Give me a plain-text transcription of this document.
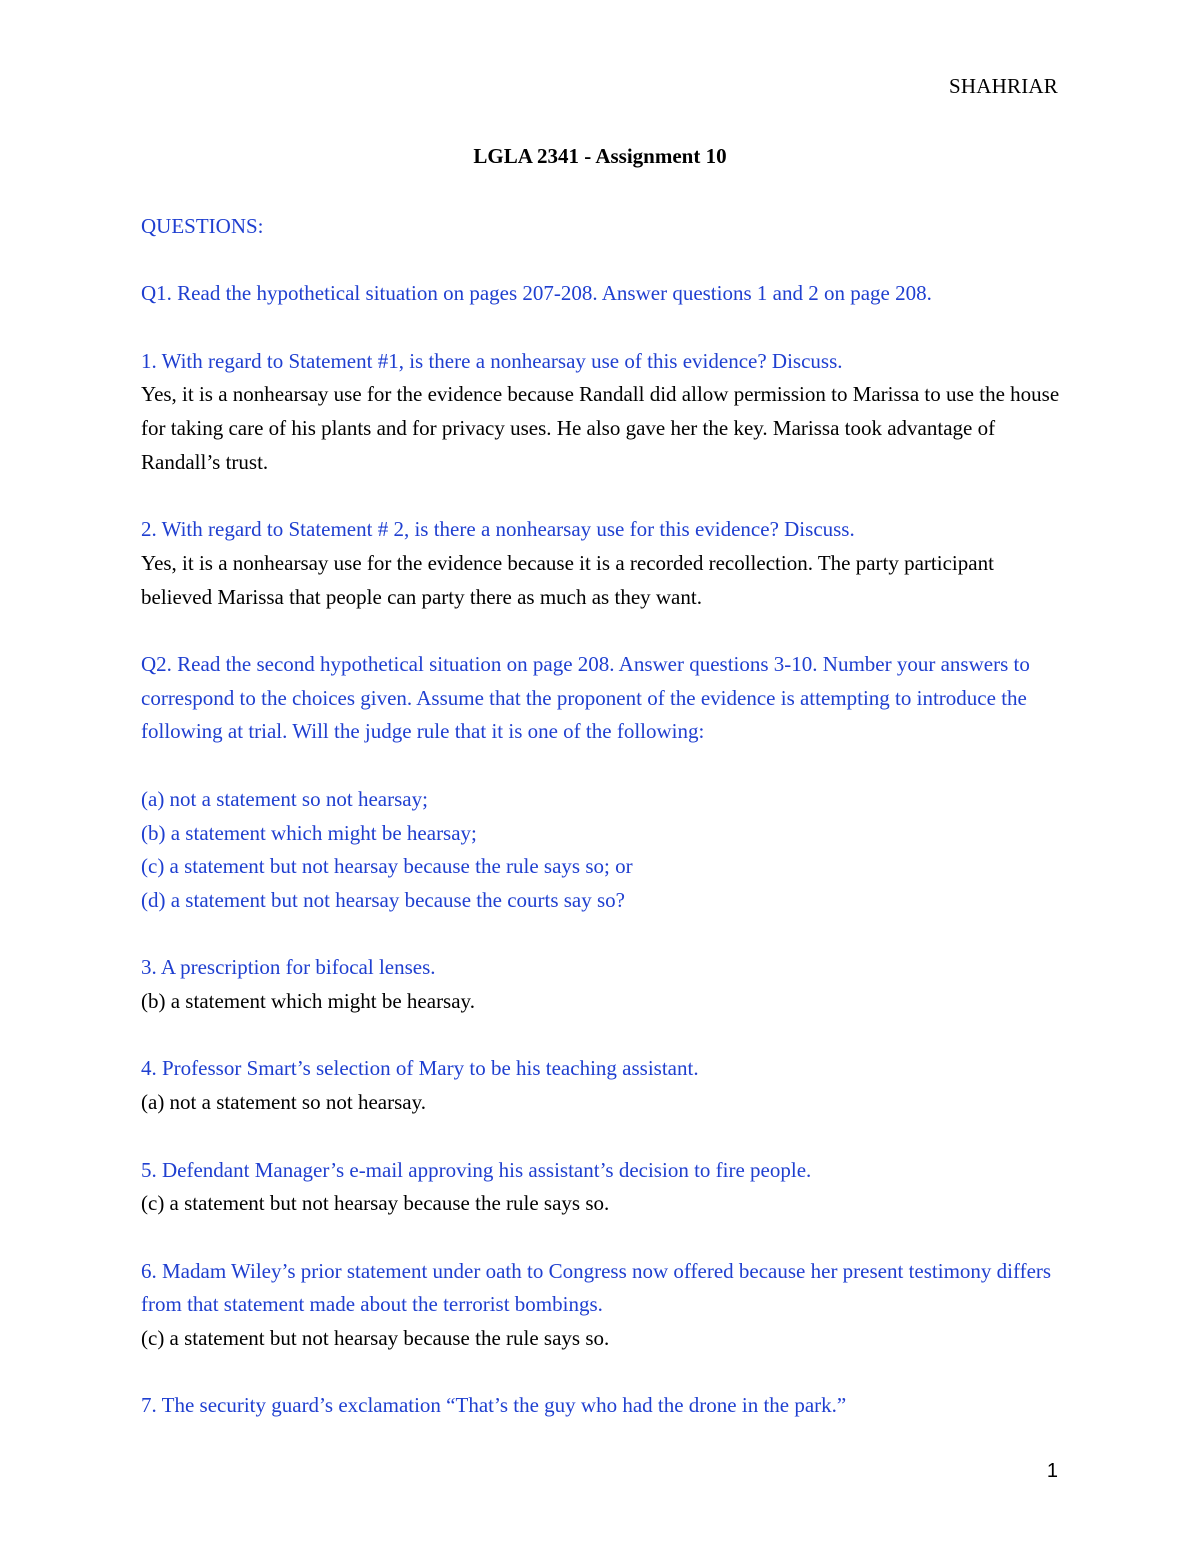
SHAHRIAR
LGLA 2341 - Assignment 10

QUESTIONS:

Q1. Read the hypothetical situation on pages 207-208. Answer questions 1 and 2 on page 208.

1. With regard to Statement #1, is there a nonhearsay use of this evidence? Discuss.

Yes, it is a nonhearsay use for the evidence because Randall did allow permission to Marissa to use the house for taking care of his plants and for privacy uses. He also gave her the key. Marissa took advantage of Randall’s trust.

2. With regard to Statement # 2, is there a nonhearsay use for this evidence? Discuss.

Yes, it is a nonhearsay use for the evidence because it is a recorded recollection. The party participant believed Marissa that people can party there as much as they want.

Q2. Read the second hypothetical situation on page 208. Answer questions 3-10. Number your answers to correspond to the choices given. Assume that the proponent of the evidence is attempting to introduce the following at trial. Will the judge rule that it is one of the following:

(a) not a statement so not hearsay;

(b) a statement which might be hearsay;

(c) a statement but not hearsay because the rule says so; or

(d) a statement but not hearsay because the courts say so?

3. A prescription for bifocal lenses.

(b) a statement which might be hearsay.

4. Professor Smart’s selection of Mary to be his teaching assistant.

(a) not a statement so not hearsay.

5. Defendant Manager’s e-mail approving his assistant’s decision to fire people.

(c) a statement but not hearsay because the rule says so.

6. Madam Wiley’s prior statement under oath to Congress now offered because her present testimony differs from that statement made about the terrorist bombings.

(c) a statement but not hearsay because the rule says so.

7. The security guard’s exclamation “That’s the guy who had the drone in the park.”

1
